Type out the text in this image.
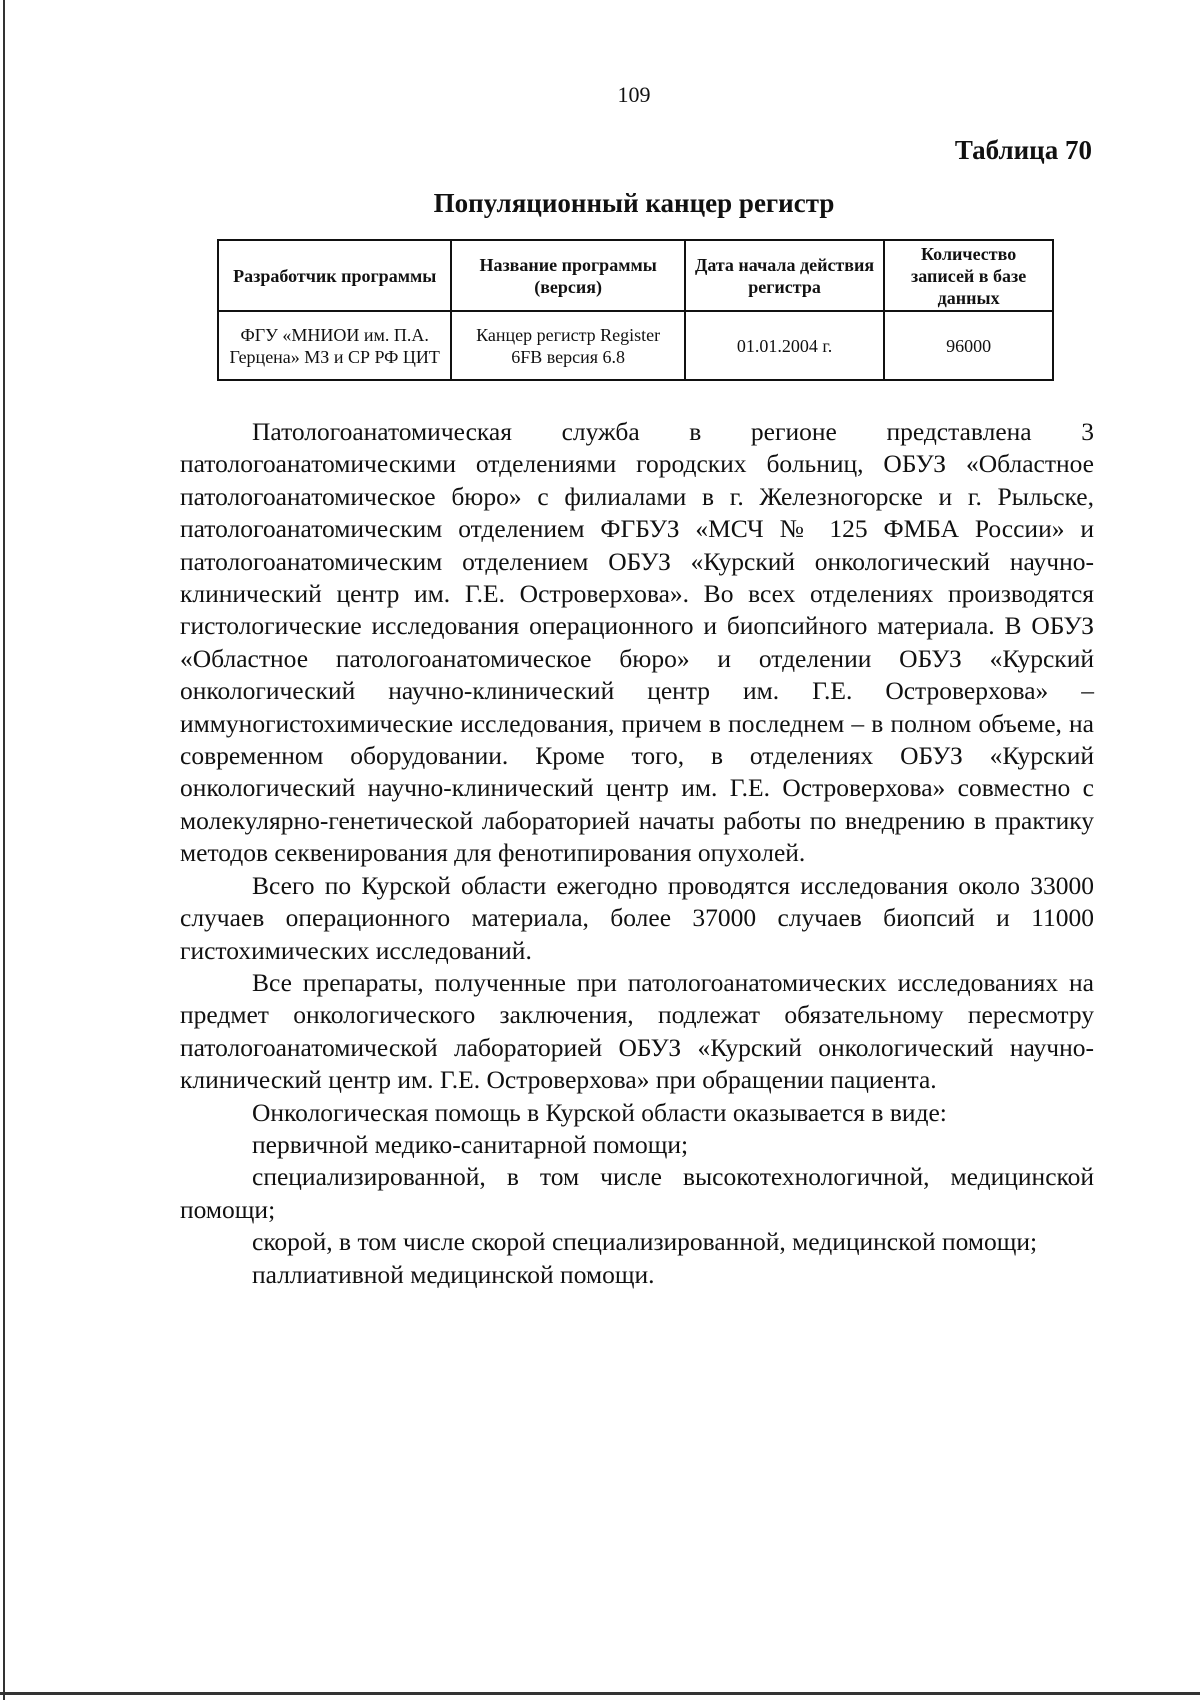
109
Таблица 70
Популяционный канцер регистр
Разработчик программы	Название программы (версия)	Дата начала действия регистра	Количество записей в базе данных
ФГУ «МНИОИ им. П.А. Герцена» МЗ и СР РФ ЦИТ	Канцер регистр Register 6FB версия 6.8	01.01.2004 г.	96000

Патологоанатомическая служба в регионе представлена 3 патологоанатомическими отделениями городских больниц, ОБУЗ «Областное патологоанатомическое бюро» с филиалами в г. Железногорске и г. Рыльске, патологоанатомическим отделением ФГБУЗ «МСЧ № 125 ФМБА России» и патологоанатомическим отделением ОБУЗ «Курский онкологический научно-клинический центр им. Г.Е. Островерхова». Во всех отделениях производятся гистологические исследования операционного и биопсийного материала. В ОБУЗ «Областное патологоанатомическое бюро» и отделении ОБУЗ «Курский онкологический научно-клинический центр им. Г.Е. Островерхова» – иммуногистохимические исследования, причем в последнем – в полном объеме, на современном оборудовании. Кроме того, в отделениях ОБУЗ «Курский онкологический научно-клинический центр им. Г.Е. Островерхова» совместно с молекулярно-генетической лабораторией начаты работы по внедрению в практику методов секвенирования для фенотипирования опухолей.

Всего по Курской области ежегодно проводятся исследования около 33000 случаев операционного материала, более 37000 случаев биопсий и 11000 гистохимических исследований.

Все препараты, полученные при патологоанатомических исследованиях на предмет онкологического заключения, подлежат обязательному пересмотру патологоанатомической лабораторией ОБУЗ «Курский онкологический научно-клинический центр им. Г.Е. Островерхова» при обращении пациента.

Онкологическая помощь в Курской области оказывается в виде:

первичной медико-санитарной помощи;

специализированной, в том числе высокотехнологичной, медицинской помощи;

скорой, в том числе скорой специализированной, медицинской помощи;

паллиативной медицинской помощи.
